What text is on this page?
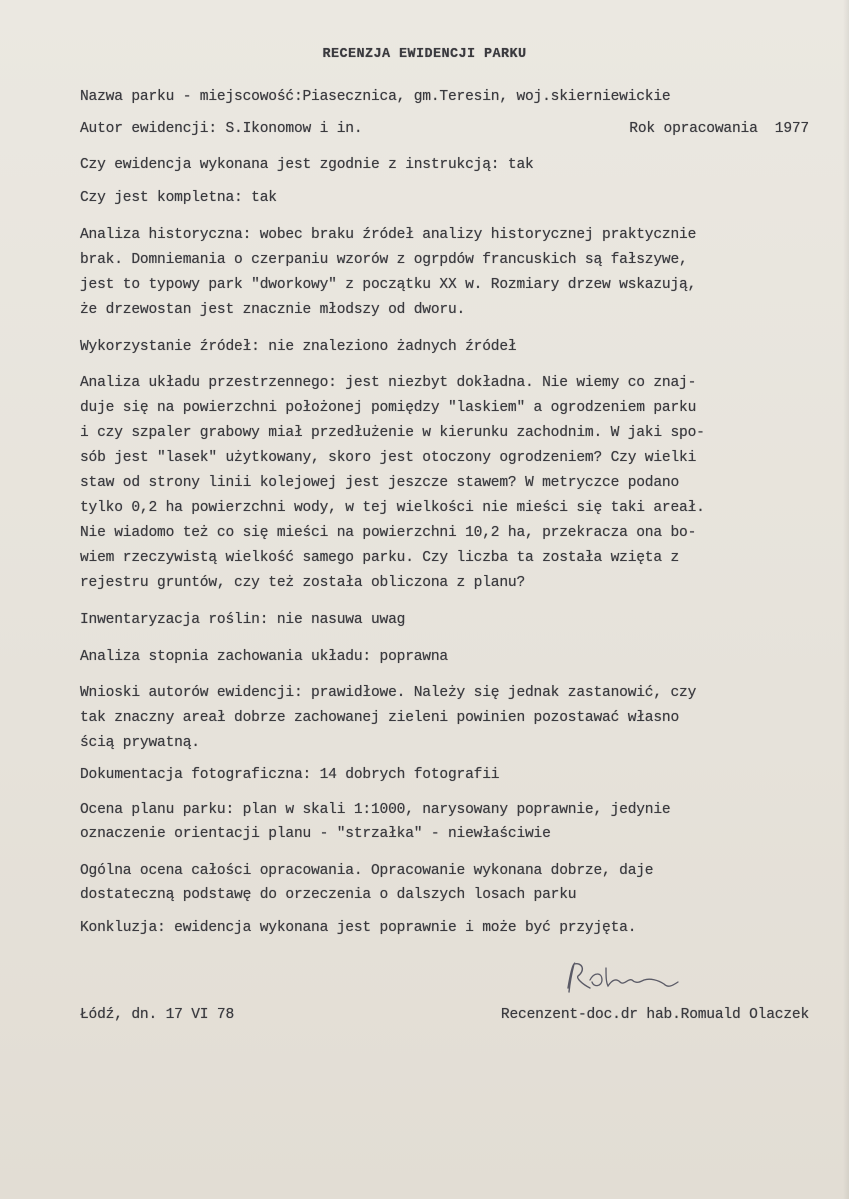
RECENZJA EWIDENCJI PARKU

Nazwa parku - miejscowość:Piasecznica, gm.Teresin, woj.skierniewickie

Autor ewidencji: S.Ikonomow i in.	Rok opracowania  1977

Czy ewidencja wykonana jest zgodnie z instrukcją: tak

Czy jest kompletna: tak

Analiza historyczna: wobec braku źródeł analizy historycznej praktycznie

brak. Domniemania o czerpaniu wzorów z ogrpdów francuskich są fałszywe,

jest to typowy park "dworkowy" z początku XX w. Rozmiary drzew wskazują,

że drzewostan jest znacznie młodszy od dworu.

Wykorzystanie źródeł: nie znaleziono żadnych źródeł

Analiza układu przestrzennego: jest niezbyt dokładna. Nie wiemy co znaj-

duje się na powierzchni położonej pomiędzy "laskiem" a ogrodzeniem parku

i czy szpaler grabowy miał przedłużenie w kierunku zachodnim. W jaki spo-

sób jest "lasek" użytkowany, skoro jest otoczony ogrodzeniem? Czy wielki

staw od strony linii kolejowej jest jeszcze stawem? W metryczce podano

tylko 0,2 ha powierzchni wody, w tej wielkości nie mieści się taki areał.

Nie wiadomo też co się mieści na powierzchni 10,2 ha, przekracza ona bo-

wiem rzeczywistą wielkość samego parku. Czy liczba ta została wzięta z

rejestru gruntów, czy też została obliczona z planu?

Inwentaryzacja roślin: nie nasuwa uwag

Analiza stopnia zachowania układu: poprawna

Wnioski autorów ewidencji: prawidłowe. Należy się jednak zastanowić, czy

tak znaczny areał dobrze zachowanej zieleni powinien pozostawać własno

ścią prywatną.

Dokumentacja fotograficzna: 14 dobrych fotografii

Ocena planu parku: plan w skali 1:1000, narysowany poprawnie, jedynie

oznaczenie orientacji planu - "strzałka" - niewłaściwie

Ogólna ocena całości opracowania. Opracowanie wykonana dobrze, daje

dostateczną podstawę do orzeczenia o dalszych losach parku

Konkluzja: ewidencja wykonana jest poprawnie i może być przyjęta.

Łódź, dn. 17 VI 78	Recenzent-doc.dr hab.Romuald Olaczek
